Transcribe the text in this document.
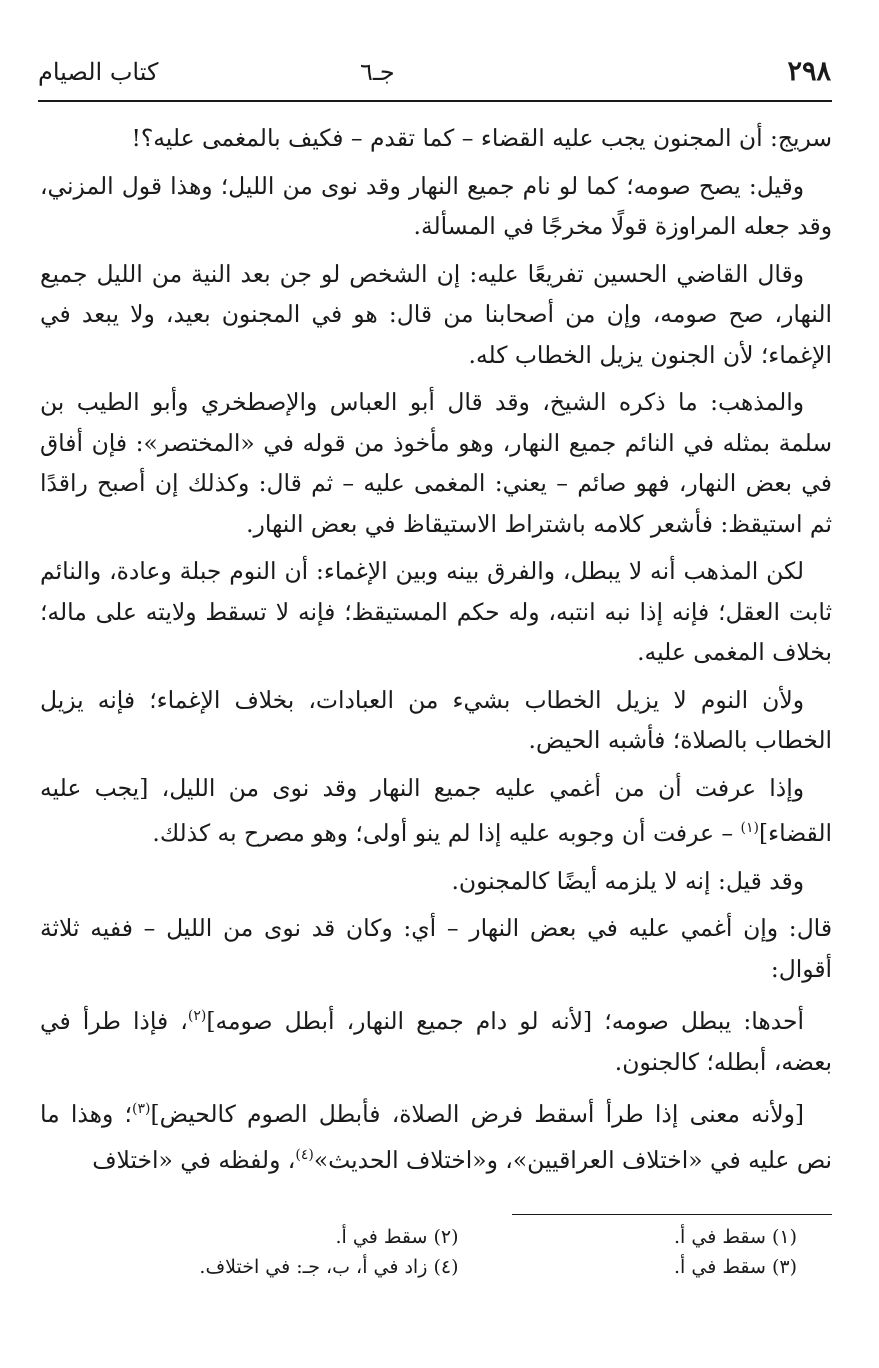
كتاب الصيام	جـ٦	٢٩٨

سريج: أن المجنون يجب عليه القضاء – كما تقدم – فكيف بالمغمى عليه؟!

وقيل: يصح صومه؛ كما لو نام جميع النهار وقد نوى من الليل؛ وهذا قول المزني، وقد جعله المراوزة قولًا مخرجًا في المسألة.

وقال القاضي الحسين تفريعًا عليه: إن الشخص لو جن بعد النية من الليل جميع النهار، صح صومه، وإن من أصحابنا من قال: هو في المجنون بعيد، ولا يبعد في الإغماء؛ لأن الجنون يزيل الخطاب كله.

والمذهب: ما ذكره الشيخ، وقد قال أبو العباس والإصطخري وأبو الطيب بن سلمة بمثله في النائم جميع النهار، وهو مأخوذ من قوله في «المختصر»: فإن أفاق في بعض النهار، فهو صائم – يعني: المغمى عليه – ثم قال: وكذلك إن أصبح راقدًا ثم استيقظ: فأشعر كلامه باشتراط الاستيقاظ في بعض النهار.

لكن المذهب أنه لا يبطل، والفرق بينه وبين الإغماء: أن النوم جبلة وعادة، والنائم ثابت العقل؛ فإنه إذا نبه انتبه، وله حكم المستيقظ؛ فإنه لا تسقط ولايته على ماله؛ بخلاف المغمى عليه.

ولأن النوم لا يزيل الخطاب بشيء من العبادات، بخلاف الإغماء؛ فإنه يزيل الخطاب بالصلاة؛ فأشبه الحيض.

وإذا عرفت أن من أغمي عليه جميع النهار وقد نوى من الليل، [يجب عليه القضاء]$^{(١)}$ – عرفت أن وجوبه عليه إذا لم ينو أولى؛ وهو مصرح به كذلك.

وقد قيل: إنه لا يلزمه أيضًا كالمجنون.

قال: وإن أغمي عليه في بعض النهار – أي: وكان قد نوى من الليل – ففيه ثلاثة أقوال:

أحدها: يبطل صومه؛ [لأنه لو دام جميع النهار، أبطل صومه]$^{(٢)}$، فإذا طرأ في بعضه، أبطله؛ كالجنون.

[ولأنه معنى إذا طرأ أسقط فرض الصلاة، فأبطل الصوم كالحيض]$^{(٣)}$؛ وهذا ما نص عليه في «اختلاف العراقيين»، و«اختلاف الحديث»$^{(٤)}$، ولفظه في «اختلاف

(١) سقط في أ.
(٢) سقط في أ.
(٣) سقط في أ.
(٤) زاد في أ، ب، جـ: في اختلاف.
